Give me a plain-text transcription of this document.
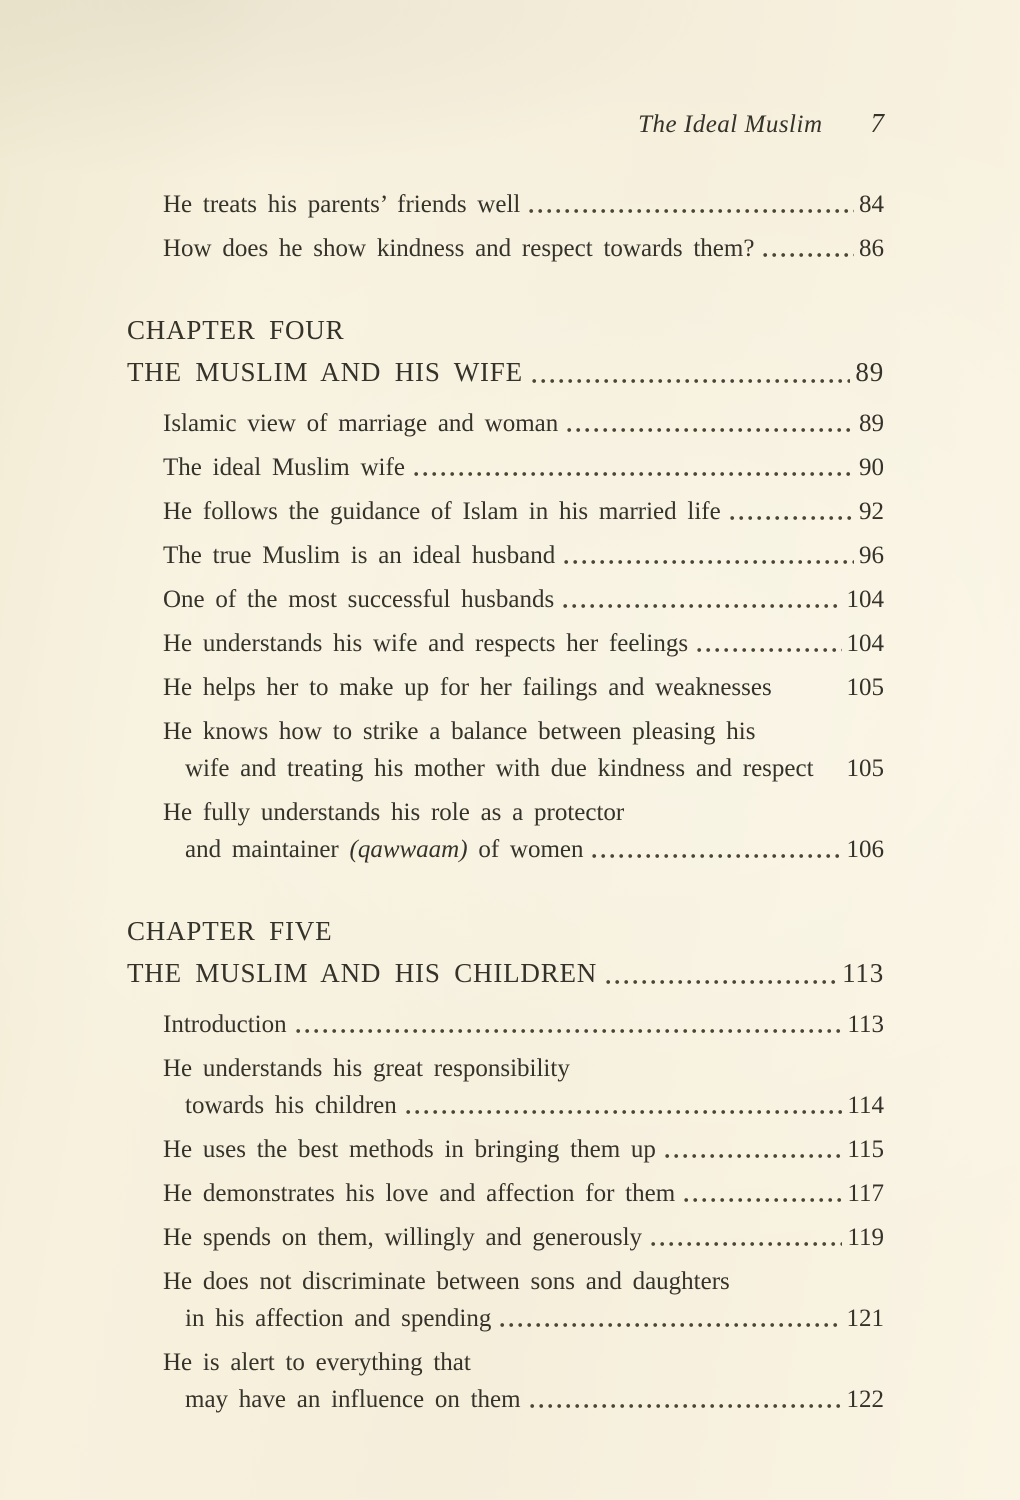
The Ideal Muslim 7
He treats his parents’ friends well	84
How does he show kindness and respect towards them?	86
CHAPTER FOUR
THE MUSLIM AND HIS WIFE	89
Islamic view of marriage and woman	89
The ideal Muslim wife	90
He follows the guidance of Islam in his married life	92
The true Muslim is an ideal husband	96
One of the most successful husbands	104
He understands his wife and respects her feelings	104
He helps her to make up for her failings and weaknesses	105
He knows how to strike a balance between pleasing his
wife and treating his mother with due kindness and respect 105
He fully understands his role as a protector
and maintainer (qawwaam) of women	106
CHAPTER FIVE
THE MUSLIM AND HIS CHILDREN	113
Introduction	113
He understands his great responsibility
towards his children	114
He uses the best methods in bringing them up	115
He demonstrates his love and affection for them	117
He spends on them, willingly and generously	119
He does not discriminate between sons and daughters
in his affection and spending	121
He is alert to everything that
may have an influence on them	122
